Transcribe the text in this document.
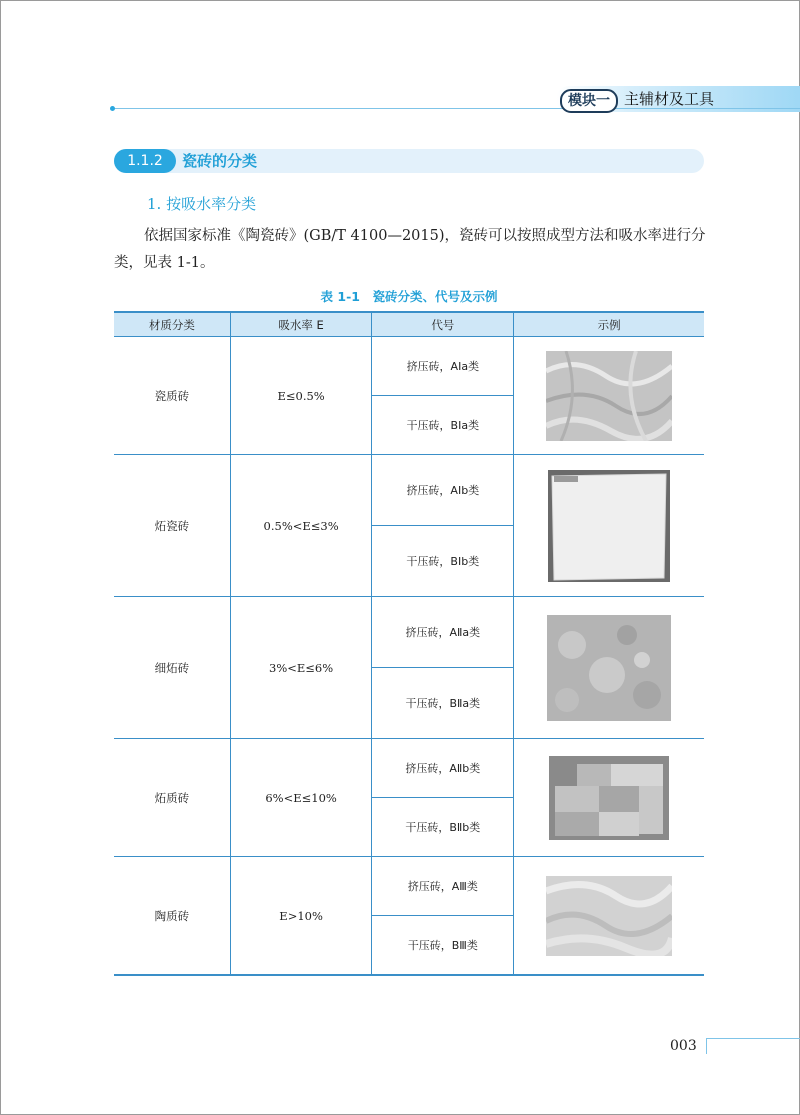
模块一 主辅材及工具
1.1.2	瓷砖的分类
1. 按吸水率分类
依据国家标准《陶瓷砖》(GB/T 4100—2015)，瓷砖可以按照成型方法和吸水率进行分类，见表 1-1。
表 1-1　瓷砖分类、代号及示例
材质分类	吸水率 E	代号	示例
瓷质砖	E≤0.5%	挤压砖，AⅠa类	

		干压砖，BⅠa类	
炻瓷砖	0.5%<E≤3%	挤压砖，AⅠb类	

		干压砖，BⅠb类	
细炻砖	3%<E≤6%	挤压砖，AⅡa类	

		干压砖，BⅡa类	
炻质砖	6%<E≤10%	挤压砖，AⅡb类	

		干压砖，BⅡb类	
陶质砖	E>10%	挤压砖，AⅢ类	

		干压砖，BⅢ类	
003
